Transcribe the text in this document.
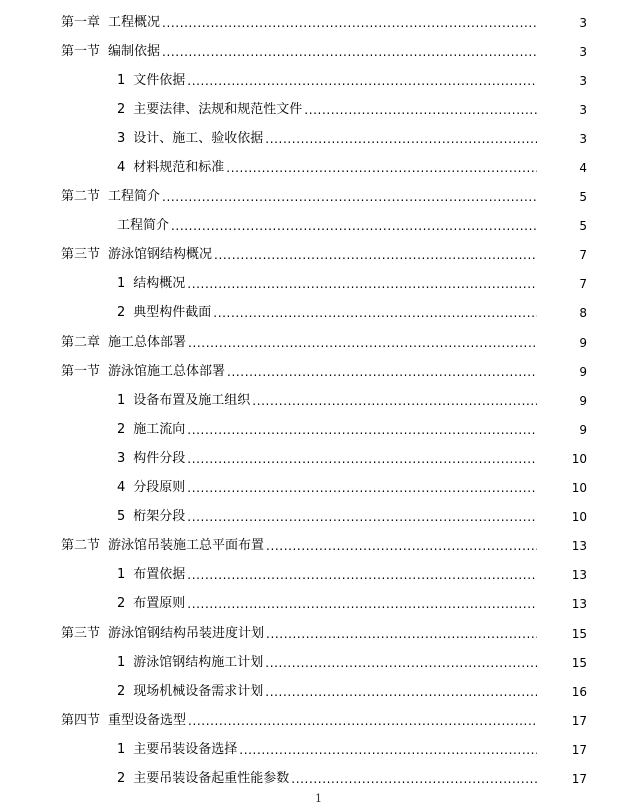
第一章 工程概况 .....	3
第一节 编制依据 .....	3
1 文件依据 .....	3
2 主要法律、法规和规范性文件 .....	3
3 设计、施工、验收依据 .....	3
4 材料规范和标准 .....	4
第二节 工程简介 .....	5
工程简介 .....	5
第三节 游泳馆钢结构概况 .....	7
1 结构概况 .....	7
2 典型构件截面 .....	8
第二章 施工总体部署 .....	9
第一节 游泳馆施工总体部署 .....	9
1 设备布置及施工组织 .....	9
2 施工流向 .....	9
3 构件分段 .....	10
4 分段原则 .....	10
5 桁架分段 .....	10
第二节 游泳馆吊装施工总平面布置 .....	13
1 布置依据 .....	13
2 布置原则 .....	13
第三节 游泳馆钢结构吊装进度计划 .....	15
1 游泳馆钢结构施工计划 .....	15
2 现场机械设备需求计划 .....	16
第四节 重型设备选型 .....	17
1 主要吊装设备选择 .....	17
2 主要吊装设备起重性能参数 .....	17
1
